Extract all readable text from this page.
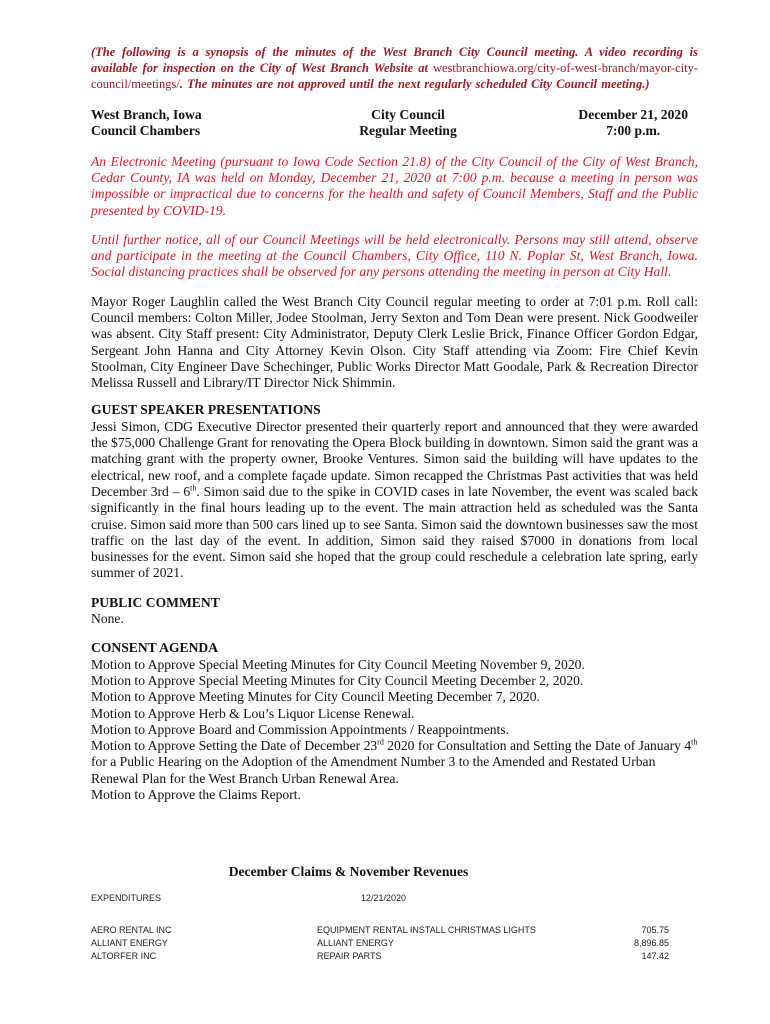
(The following is a synopsis of the minutes of the West Branch City Council meeting. A video recording is available for inspection on the City of West Branch Website at westbranchiowa.org/city-of-west-branch/mayor-city-council/meetings/. The minutes are not approved until the next regularly scheduled City Council meeting.)
West Branch, Iowa
Council Chambers
City Council
Regular Meeting
December 21, 2020
7:00 p.m.

An Electronic Meeting (pursuant to Iowa Code Section 21.8) of the City Council of the City of West Branch, Cedar County, IA was held on Monday, December 21, 2020 at 7:00 p.m. because a meeting in person was impossible or impractical due to concerns for the health and safety of Council Members, Staff and the Public presented by COVID-19.

Until further notice, all of our Council Meetings will be held electronically. Persons may still attend, observe and participate in the meeting at the Council Chambers, City Office, 110 N. Poplar St, West Branch, Iowa. Social distancing practices shall be observed for any persons attending the meeting in person at City Hall.

Mayor Roger Laughlin called the West Branch City Council regular meeting to order at 7:01 p.m. Roll call: Council members: Colton Miller, Jodee Stoolman, Jerry Sexton and Tom Dean were present. Nick Goodweiler was absent. City Staff present: City Administrator, Deputy Clerk Leslie Brick, Finance Officer Gordon Edgar, Sergeant John Hanna and City Attorney Kevin Olson. City Staff attending via Zoom: Fire Chief Kevin Stoolman, City Engineer Dave Schechinger, Public Works Director Matt Goodale, Park & Recreation Director Melissa Russell and Library/IT Director Nick Shimmin.

GUEST SPEAKER PRESENTATIONS

Jessi Simon, CDG Executive Director presented their quarterly report and announced that they were awarded the $75,000 Challenge Grant for renovating the Opera Block building in downtown. Simon said the grant was a matching grant with the property owner, Brooke Ventures. Simon said the building will have updates to the electrical, new roof, and a complete façade update. Simon recapped the Christmas Past activities that was held December 3rd – 6th. Simon said due to the spike in COVID cases in late November, the event was scaled back significantly in the final hours leading up to the event. The main attraction held as scheduled was the Santa cruise. Simon said more than 500 cars lined up to see Santa. Simon said the downtown businesses saw the most traffic on the last day of the event. In addition, Simon said they raised $7000 in donations from local businesses for the event. Simon said she hoped that the group could reschedule a celebration late spring, early summer of 2021.

PUBLIC COMMENT

None.

CONSENT AGENDA

Motion to Approve Special Meeting Minutes for City Council Meeting November 9, 2020.

Motion to Approve Special Meeting Minutes for City Council Meeting December 2, 2020.

Motion to Approve Meeting Minutes for City Council Meeting December 7, 2020.

Motion to Approve Herb & Lou’s Liquor License Renewal.

Motion to Approve Board and Commission Appointments / Reappointments.

Motion to Approve Setting the Date of December 23rd 2020 for Consultation and Setting the Date of January 4th for a Public Hearing on the Adoption of the Amendment Number 3 to the Amended and Restated Urban Renewal Plan for the West Branch Urban Renewal Area.

Motion to Approve the Claims Report.

December Claims & November Revenues
EXPENDITURES	12/21/2020
AERO RENTAL INC	EQUIPMENT RENTAL INSTALL CHRISTMAS LIGHTS	705.75
ALLIANT ENERGY	ALLIANT ENERGY	8,896.85
ALTORFER INC	REPAIR PARTS	147.42
